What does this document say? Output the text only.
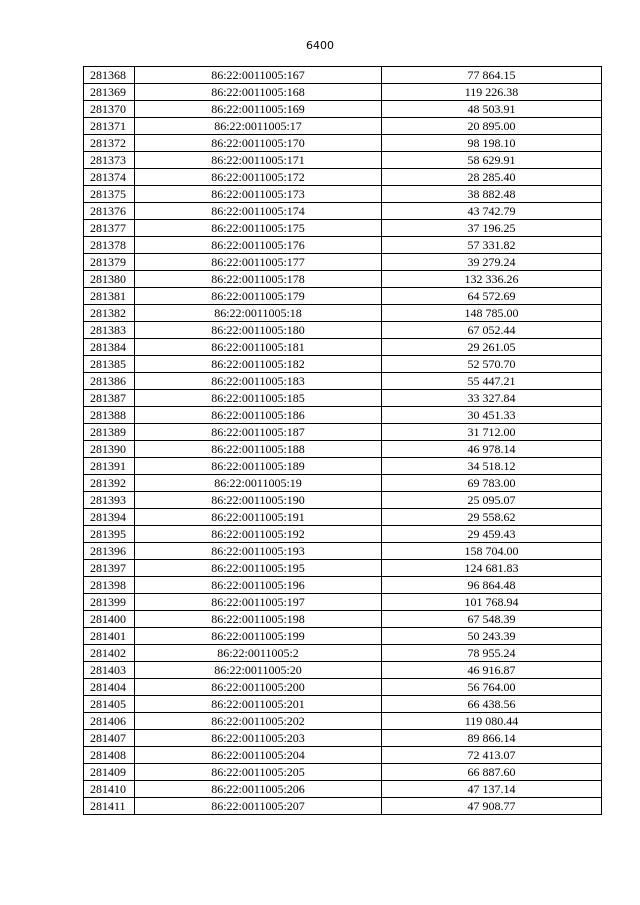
6400
281368	86:22:0011005:167	77 864.15
281369	86:22:0011005:168	119 226.38
281370	86:22:0011005:169	48 503.91
281371	86:22:0011005:17	20 895.00
281372	86:22:0011005:170	98 198.10
281373	86:22:0011005:171	58 629.91
281374	86:22:0011005:172	28 285.40
281375	86:22:0011005:173	38 882.48
281376	86:22:0011005:174	43 742.79
281377	86:22:0011005:175	37 196.25
281378	86:22:0011005:176	57 331.82
281379	86:22:0011005:177	39 279.24
281380	86:22:0011005:178	132 336.26
281381	86:22:0011005:179	64 572.69
281382	86:22:0011005:18	148 785.00
281383	86:22:0011005:180	67 052.44
281384	86:22:0011005:181	29 261.05
281385	86:22:0011005:182	52 570.70
281386	86:22:0011005:183	55 447.21
281387	86:22:0011005:185	33 327.84
281388	86:22:0011005:186	30 451.33
281389	86:22:0011005:187	31 712.00
281390	86:22:0011005:188	46 978.14
281391	86:22:0011005:189	34 518.12
281392	86:22:0011005:19	69 783.00
281393	86:22:0011005:190	25 095.07
281394	86:22:0011005:191	29 558.62
281395	86:22:0011005:192	29 459.43
281396	86:22:0011005:193	158 704.00
281397	86:22:0011005:195	124 681.83
281398	86:22:0011005:196	96 864.48
281399	86:22:0011005:197	101 768.94
281400	86:22:0011005:198	67 548.39
281401	86:22:0011005:199	50 243.39
281402	86:22:0011005:2	78 955.24
281403	86:22:0011005:20	46 916.87
281404	86:22:0011005:200	56 764.00
281405	86:22:0011005:201	66 438.56
281406	86:22:0011005:202	119 080.44
281407	86:22:0011005:203	89 866.14
281408	86:22:0011005:204	72 413.07
281409	86:22:0011005:205	66 887.60
281410	86:22:0011005:206	47 137.14
281411	86:22:0011005:207	47 908.77
